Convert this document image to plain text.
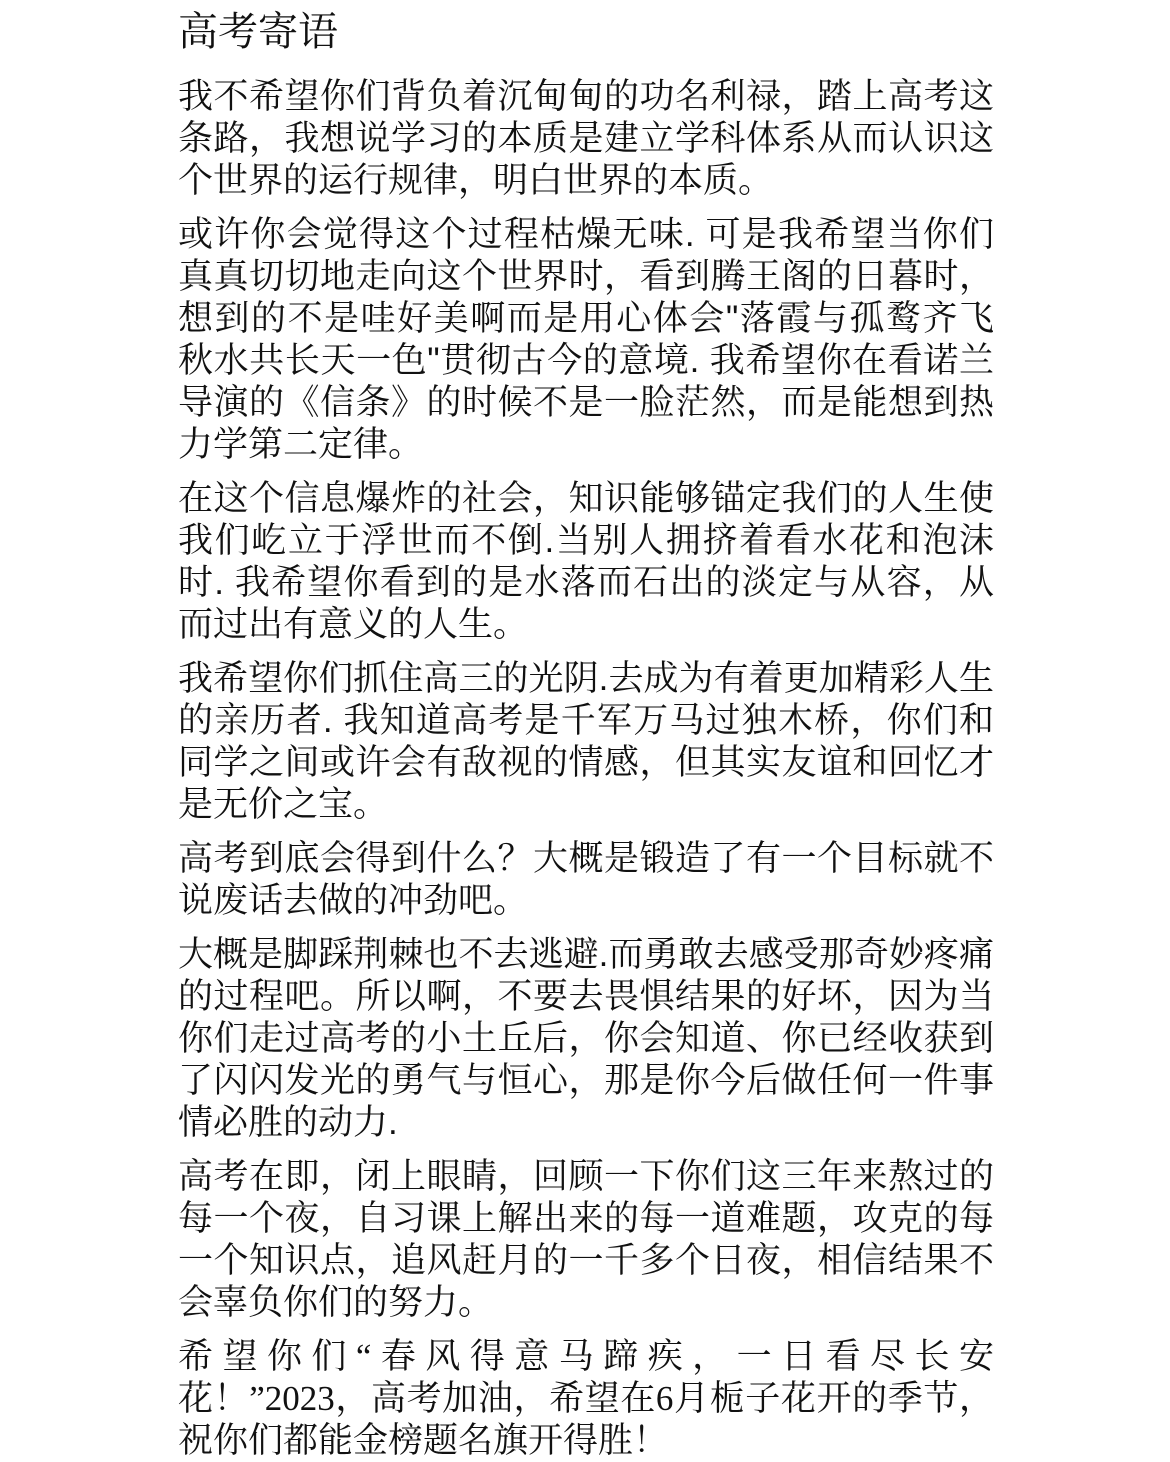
高考寄语

我不希望你们背负着沉甸甸的功名利禄，踏上高考这条路，我想说学习的本质是建立学科体系从而认识这个世界的运行规律，明白世界的本质。

或许你会觉得这个过程枯燥无味. 可是我希望当你们真真切切地走向这个世界时，看到腾王阁的日暮时，想到的不是哇好美啊而是用心体会"落霞与孤鹜齐飞秋水共长天一色"贯彻古今的意境. 我希望你在看诺兰导演的《信条》的时候不是一脸茫然，而是能想到热力学第二定律。

在这个信息爆炸的社会，知识能够锚定我们的人生使我们屹立于浮世而不倒.当别人拥挤着看水花和泡沫时. 我希望你看到的是水落而石出的淡定与从容，从而过出有意义的人生。

我希望你们抓住高三的光阴.去成为有着更加精彩人生的亲历者. 我知道高考是千军万马过独木桥，你们和同学之间或许会有敌视的情感，但其实友谊和回忆才是无价之宝。

高考到底会得到什么？大概是锻造了有一个目标就不说废话去做的冲劲吧。

大概是脚踩荆棘也不去逃避.而勇敢去感受那奇妙疼痛的过程吧。所以啊，不要去畏惧结果的好坏，因为当你们走过高考的小土丘后，你会知道、你已经收获到了闪闪发光的勇气与恒心，那是你今后做任何一件事情必胜的动力.

高考在即，闭上眼睛，回顾一下你们这三年来熬过的每一个夜，自习课上解出来的每一道难题，攻克的每一个知识点，追风赶月的一千多个日夜，相信结果不会辜负你们的努力。

希望你们“春风得意马蹄疾，一日看尽长安花！”2023，高考加油，希望在6月栀子花开的季节，祝你们都能金榜题名旗开得胜！
